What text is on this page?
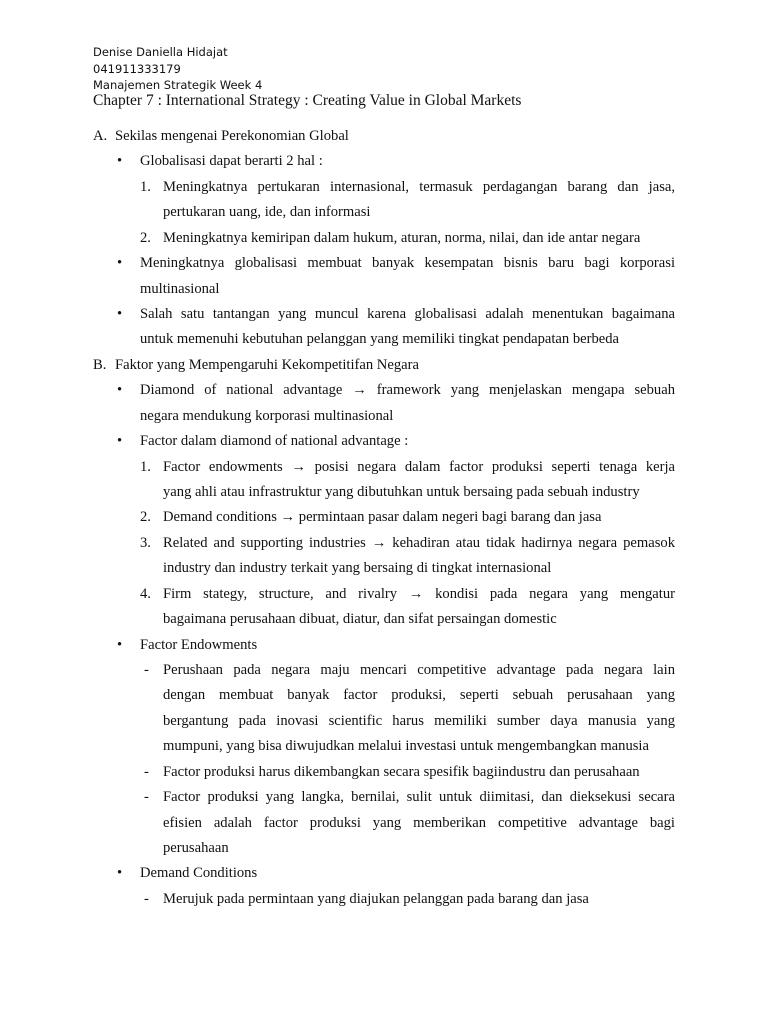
Denise Daniella Hidajat
041911333179
Manajemen Strategik Week 4
Chapter 7 : International Strategy : Creating Value in Global Markets
A. Sekilas mengenai Perekonomian Global
• Globalisasi dapat berarti 2 hal :
1. Meningkatnya pertukaran internasional, termasuk perdagangan barang dan jasa,
pertukaran uang, ide, dan informasi
2. Meningkatnya kemiripan dalam hukum, aturan, norma, nilai, dan ide antar negara
• Meningkatnya globalisasi membuat banyak kesempatan bisnis baru bagi korporasi
multinasional
• Salah satu tantangan yang muncul karena globalisasi adalah menentukan bagaimana
untuk memenuhi kebutuhan pelanggan yang memiliki tingkat pendapatan berbeda
B. Faktor yang Mempengaruhi Kekompetitifan Negara
• Diamond of national advantage → framework yang menjelaskan mengapa sebuah
negara mendukung korporasi multinasional
• Factor dalam diamond of national advantage :
1. Factor endowments → posisi negara dalam factor produksi seperti tenaga kerja
yang ahli atau infrastruktur yang dibutuhkan untuk bersaing pada sebuah industry
2. Demand conditions → permintaan pasar dalam negeri bagi barang dan jasa
3. Related and supporting industries → kehadiran atau tidak hadirnya negara pemasok
industry dan industry terkait yang bersaing di tingkat internasional
4. Firm stategy, structure, and rivalry → kondisi pada negara yang mengatur
bagaimana perusahaan dibuat, diatur, dan sifat persaingan domestic
• Factor Endowments
- Perushaan pada negara maju mencari competitive advantage pada negara lain
dengan membuat banyak factor produksi, seperti sebuah perusahaan yang
bergantung pada inovasi scientific harus memiliki sumber daya manusia yang
mumpuni, yang bisa diwujudkan melalui investasi untuk mengembangkan manusia
- Factor produksi harus dikembangkan secara spesifik bagiindustru dan perusahaan
- Factor produksi yang langka, bernilai, sulit untuk diimitasi, dan dieksekusi secara
efisien adalah factor produksi yang memberikan competitive advantage bagi
perusahaan
• Demand Conditions
- Merujuk pada permintaan yang diajukan pelanggan pada barang dan jasa
